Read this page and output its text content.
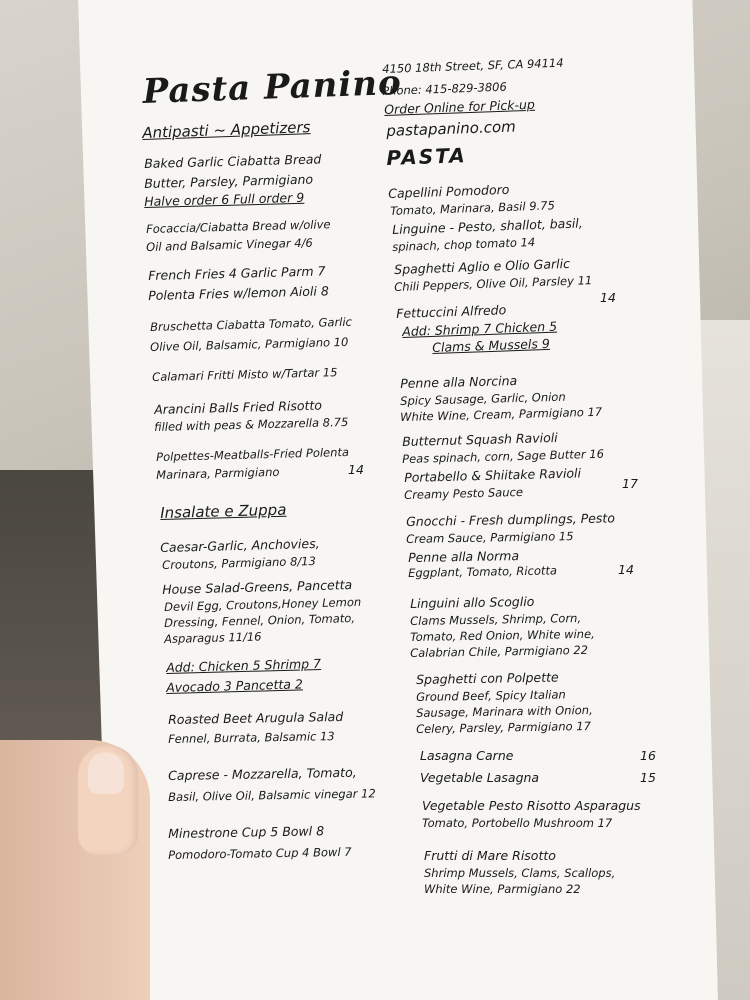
Pasta Panino
4150 18th Street, SF, CA 94114
Phone: 415-829-3806
Order Online for Pick-up
pastapanino.com
Antipasti ~ Appetizers
Baked Garlic Ciabatta Bread
Butter, Parsley, Parmigiano
Halve order 6 Full order 9
Focaccia/Ciabatta Bread w/olive
Oil and Balsamic Vinegar 4/6
French Fries 4 Garlic Parm 7
Polenta Fries w/lemon Aioli 8
Bruschetta Ciabatta Tomato, Garlic
Olive Oil, Balsamic, Parmigiano 10
Calamari Fritti Misto w/Tartar 15
Arancini Balls Fried Risotto
filled with peas & Mozzarella 8.75
Polpettes-Meatballs-Fried Polenta
Marinara, Parmigiano	14
Insalate e Zuppa
Caesar-Garlic, Anchovies,
Croutons, Parmigiano 8/13
House Salad-Greens, Pancetta
Devil Egg, Croutons,Honey Lemon
Dressing, Fennel, Onion, Tomato,
Asparagus 11/16
Add: Chicken 5 Shrimp 7
Avocado 3 Pancetta 2
Roasted Beet Arugula Salad
Fennel, Burrata, Balsamic 13
Caprese - Mozzarella, Tomato,
Basil, Olive Oil, Balsamic vinegar 12
Minestrone Cup 5 Bowl 8
Pomodoro-Tomato Cup 4 Bowl 7
PASTA
Capellini Pomodoro
Tomato, Marinara, Basil 9.75
Linguine - Pesto, shallot, basil,
spinach, chop tomato 14
Spaghetti Aglio e Olio Garlic
Chili Peppers, Olive Oil, Parsley 11
Fettuccini Alfredo
14
Add: Shrimp 7 Chicken 5
Clams & Mussels 9
Penne alla Norcina
Spicy Sausage, Garlic, Onion
White Wine, Cream, Parmigiano 17
Butternut Squash Ravioli
Peas spinach, corn, Sage Butter 16
Portabello & Shiitake Ravioli
Creamy Pesto Sauce
17
Gnocchi - Fresh dumplings, Pesto
Cream Sauce, Parmigiano 15
Penne alla Norma
Eggplant, Tomato, Ricotta	14
Linguini allo Scoglio
Clams Mussels, Shrimp, Corn,
Tomato, Red Onion, White wine,
Calabrian Chile, Parmigiano 22
Spaghetti con Polpette
Ground Beef, Spicy Italian
Sausage, Marinara with Onion,
Celery, Parsley, Parmigiano 17
Lasagna Carne	16
Vegetable Lasagna	15
Vegetable Pesto Risotto Asparagus
Tomato, Portobello Mushroom 17
Frutti di Mare Risotto
Shrimp Mussels, Clams, Scallops,
White Wine, Parmigiano 22
